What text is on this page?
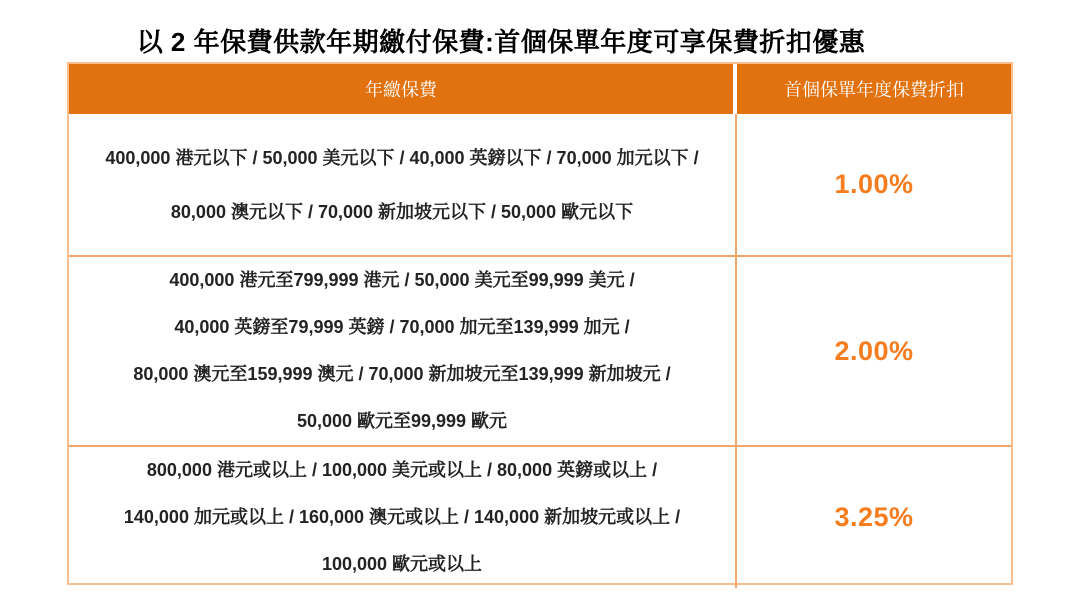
以 2 年保費供款年期繳付保費:首個保單年度可享保費折扣優惠
年繳保費	首個保單年度保費折扣
400,000 港元以下 / 50,000 美元以下 / 40,000 英鎊以下 / 70,000 加元以下 /
80,000 澳元以下 / 70,000 新加坡元以下 / 50,000 歐元以下
1.00%
400,000 港元至799,999 港元 / 50,000 美元至99,999 美元 /
40,000 英鎊至79,999 英鎊 / 70,000 加元至139,999 加元 /
80,000 澳元至159,999 澳元 / 70,000 新加坡元至139,999 新加坡元 /
50,000 歐元至99,999 歐元
2.00%
800,000 港元或以上 / 100,000 美元或以上 / 80,000 英鎊或以上 /
140,000 加元或以上 / 160,000 澳元或以上 / 140,000 新加坡元或以上 /
100,000 歐元或以上
3.25%
